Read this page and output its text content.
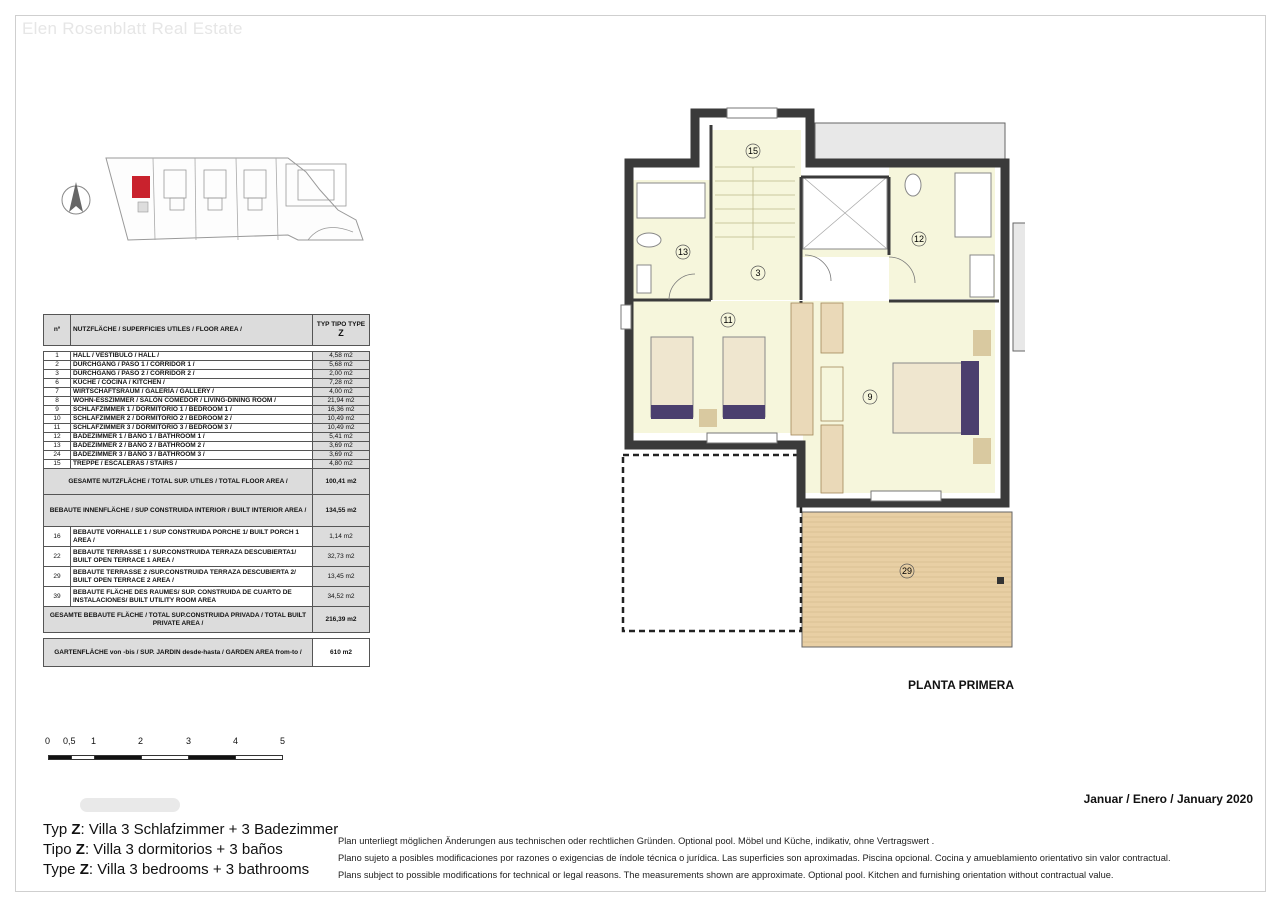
Elen Rosenblatt Real Estate
nº	NUTZFLÄCHE / SUPERFICIES UTILES / FLOOR AREA /	TYP TIPO TYPE
Z

1	HALL / VESTIBULO / HALL /	4,58 m2
2	DURCHGANG / PASO 1 / CORRIDOR 1 /	5,68 m2
3	DURCHGANG / PASO 2 / CORRIDOR 2 /	2,00 m2
6	KÜCHE / COCINA / KITCHEN /	7,28 m2
7	WIRTSCHAFTSRAUM / GALERÍA / GALLERY /	4,00 m2
8	WOHN-ESSZIMMER / SALÓN COMEDOR / LIVING-DINING ROOM /	21,94 m2
9	SCHLAFZIMMER 1 / DORMITORIO 1 / BEDROOM 1 /	16,36 m2
10	SCHLAFZIMMER 2 / DORMITORIO 2 / BEDROOM 2 /	10,49 m2
11	SCHLAFZIMMER 3 / DORMITORIO 3 / BEDROOM 3 /	10,49 m2
12	BADEZIMMER 1 / BAÑO 1 / BATHROOM 1 /	5,41 m2
13	BADEZIMMER 2 / BAÑO 2 / BATHROOM 2 /	3,69 m2
24	BADEZIMMER 3 / BAÑO 3 / BATHROOM 3 /	3,69 m2
15	TREPPE / ESCALERAS / STAIRS /	4,80 m2
GESAMTE NUTZFLÄCHE / TOTAL SUP. UTILES / TOTAL FLOOR AREA /		100,41 m2
BEBAUTE INNENFLÄCHE / SUP CONSTRUIDA INTERIOR / BUILT INTERIOR AREA /		134,55 m2
16	BEBAUTE VORHALLE 1 / SUP CONSTRUIDA PORCHE 1/ BUILT PORCH 1 AREA /	1,14 m2
22	BEBAUTE TERRASSE 1 / SUP.CONSTRUIDA TERRAZA DESCUBIERTA1/ BUILT OPEN TERRACE 1 AREA /	32,73 m2
29	BEBAUTE TERRASSE 2 /SUP.CONSTRUIDA TERRAZA DESCUBIERTA 2/ BUILT OPEN TERRACE 2 AREA /	13,45 m2
39	BEBAUTE FLÄCHE DES RAUMES/ SUP. CONSTRUIDA DE CUARTO DE INSTALACIONES/ BUILT UTILITY ROOM AREA	34,52 m2
GESAMTE BEBAUTE FLÄCHE / TOTAL SUP.CONSTRUIDA PRIVADA / TOTAL BUILT PRIVATE AREA /		216,39 m2

GARTENFLÄCHE von -bis / SUP. JARDIN desde-hasta / GARDEN AREA from-to /		610 m2
0 0,5 1	2	3	4	5
Typ Z: Villa 3 Schlafzimmer + 3 Badezimmer
Tipo Z: Villa 3 dormitorios + 3 baños
Type Z: Villa 3 bedrooms + 3 bathrooms
15
13
12
3
11
9
29
PLANTA PRIMERA
Januar / Enero / January 2020
Plan unterliegt möglichen Änderungen aus technischen oder rechtlichen Gründen. Optional pool. Möbel und Küche, indikativ, ohne Vertragswert .
Plano sujeto a posibles modificaciones por razones o exigencias de índole técnica o jurídica. Las superficies son aproximadas. Piscina opcional. Cocina y amueblamiento orientativo sin valor contractual.
Plans subject to possible modifications for technical or legal reasons. The measurements shown are approximate. Optional pool. Kitchen and furnishing orientation without contractual value.
